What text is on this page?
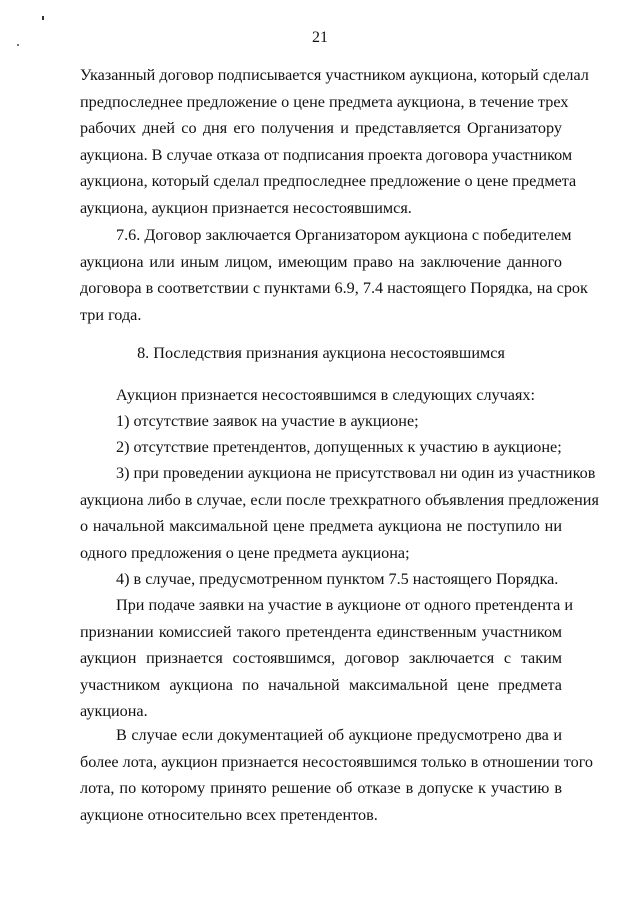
21
Указанный договор подписывается участником аукциона, который сделал
предпоследнее предложение о цене предмета аукциона, в течение трех
рабочих дней со дня его получения и представляется Организатору
аукциона. В случае отказа от подписания проекта договора участником
аукциона, который сделал предпоследнее предложение о цене предмета
аукциона, аукцион признается несостоявшимся.
7.6. Договор заключается Организатором аукциона с победителем
аукциона или иным лицом, имеющим право на заключение данного
договора в соответствии с пунктами 6.9, 7.4 настоящего Порядка, на срок
три года.
8. Последствия признания аукциона несостоявшимся
Аукцион признается несостоявшимся в следующих случаях:
1) отсутствие заявок на участие в аукционе;
2) отсутствие претендентов, допущенных к участию в аукционе;
3) при проведении аукциона не присутствовал ни один из участников
аукциона либо в случае, если после трехкратного объявления предложения
о начальной максимальной цене предмета аукциона не поступило ни
одного предложения о цене предмета аукциона;
4) в случае, предусмотренном пунктом 7.5 настоящего Порядка.
При подаче заявки на участие в аукционе от одного претендента и
признании комиссией такого претендента единственным участником
аукцион признается состоявшимся, договор заключается с таким
участником аукциона по начальной максимальной цене предмета
аукциона.
В случае если документацией об аукционе предусмотрено два и
более лота, аукцион признается несостоявшимся только в отношении того
лота, по которому принято решение об отказе в допуске к участию в
аукционе относительно всех претендентов.
